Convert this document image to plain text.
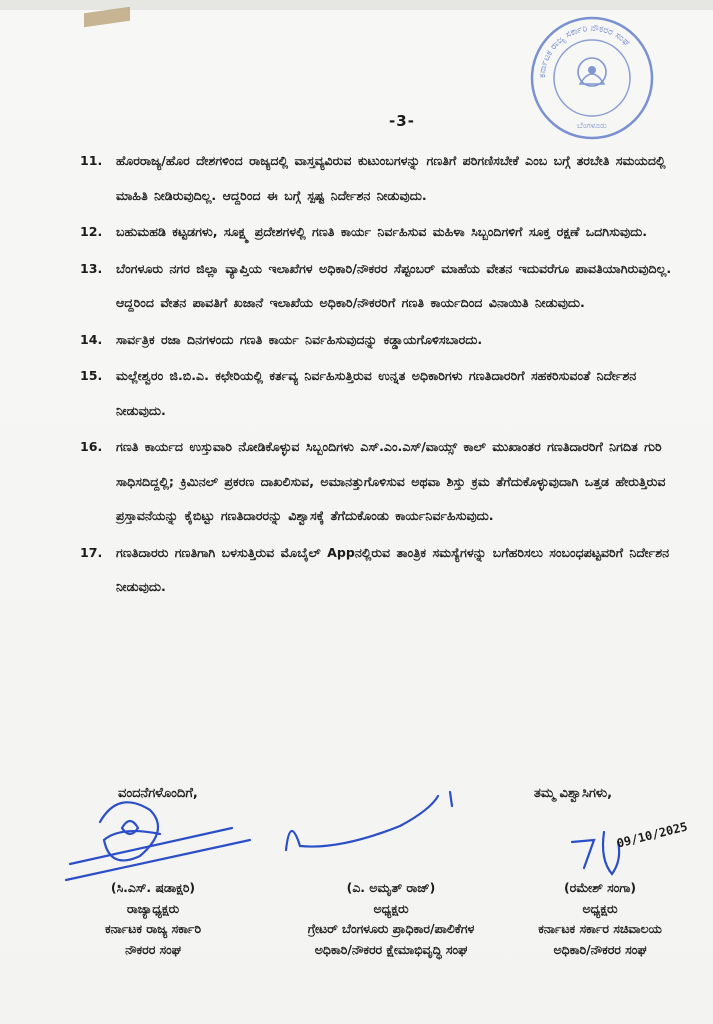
ಕರ್ನಾಟಕ ರಾಜ್ಯ ಸರ್ಕಾರಿ ನೌಕರರ ಸಂಘ
ಬೆಂಗಳೂರು
-3-
11. ಹೊರರಾಜ್ಯ/ಹೊರ ದೇಶಗಳಿಂದ ರಾಜ್ಯದಲ್ಲಿ ವಾಸ್ತವ್ಯವಿರುವ ಕುಟುಂಬಗಳನ್ನು ಗಣತಿಗೆ ಪರಿಗಣಿಸಬೇಕೆ ಎಂಬ ಬಗ್ಗೆ ತರಬೇತಿ ಸಮಯದಲ್ಲಿ ಮಾಹಿತಿ ನೀಡಿರುವುದಿಲ್ಲ. ಆದ್ದರಿಂದ ಈ ಬಗ್ಗೆ ಸ್ಪಷ್ಟ ನಿರ್ದೇಶನ ನೀಡುವುದು.
12. ಬಹುಮಹಡಿ ಕಟ್ಟಡಗಳು, ಸೂಕ್ಷ್ಮ ಪ್ರದೇಶಗಳಲ್ಲಿ ಗಣತಿ ಕಾರ್ಯ ನಿರ್ವಹಿಸುವ ಮಹಿಳಾ ಸಿಬ್ಬಂದಿಗಳಿಗೆ ಸೂಕ್ತ ರಕ್ಷಣೆ ಒದಗಿಸುವುದು.
13. ಬೆಂಗಳೂರು ನಗರ ಜಿಲ್ಲಾ ವ್ಯಾಪ್ತಿಯ ಇಲಾಖೆಗಳ ಅಧಿಕಾರಿ/ನೌಕರರ ಸೆಪ್ಟಂಬರ್ ಮಾಹೆಯ ವೇತನ ಇದುವರೆಗೂ ಪಾವತಿಯಾಗಿರುವುದಿಲ್ಲ. ಆದ್ದರಿಂದ ವೇತನ ಪಾವತಿಗೆ ಖಜಾನೆ ಇಲಾಖೆಯ ಅಧಿಕಾರಿ/ನೌಕರರಿಗೆ ಗಣತಿ ಕಾರ್ಯದಿಂದ ವಿನಾಯಿತಿ ನೀಡುವುದು.
14. ಸಾರ್ವತ್ರಿಕ ರಜಾ ದಿನಗಳಂದು ಗಣತಿ ಕಾರ್ಯ ನಿರ್ವಹಿಸುವುದನ್ನು ಕಡ್ಡಾಯಗೊಳಿಸಬಾರದು.
15. ಮಲ್ಲೇಶ್ವರಂ ಜಿ.ಬಿ.ಎ. ಕಛೇರಿಯಲ್ಲಿ ಕರ್ತವ್ಯ ನಿರ್ವಹಿಸುತ್ತಿರುವ ಉನ್ನತ ಅಧಿಕಾರಿಗಳು ಗಣತಿದಾರರಿಗೆ ಸಹಕರಿಸುವಂತೆ ನಿರ್ದೇಶನ ನೀಡುವುದು.
16. ಗಣತಿ ಕಾರ್ಯದ ಉಸ್ತುವಾರಿ ನೋಡಿಕೊಳ್ಳುವ ಸಿಬ್ಬಂದಿಗಳು ಎಸ್.ಎಂ.ಎಸ್/ವಾಯ್ಸ್ ಕಾಲ್ ಮುಖಾಂತರ ಗಣತಿದಾರರಿಗೆ ನಿಗದಿತ ಗುರಿ ಸಾಧಿಸದಿದ್ದಲ್ಲಿ; ಕ್ರಿಮಿನಲ್ ಪ್ರಕರಣ ದಾಖಲಿಸುವ, ಅಮಾನತ್ತುಗೊಳಿಸುವ ಅಥವಾ ಶಿಸ್ತು ಕ್ರಮ ತೆಗೆದುಕೊಳ್ಳುವುದಾಗಿ ಒತ್ತಡ ಹೇರುತ್ತಿರುವ ಪ್ರಸ್ತಾವನೆಯನ್ನು ಕೈಬಿಟ್ಟು ಗಣತಿದಾರರನ್ನು ವಿಶ್ವಾಸಕ್ಕೆ ತೆಗೆದುಕೊಂಡು ಕಾರ್ಯನಿರ್ವಹಿಸುವುದು.
17. ಗಣತಿದಾರರು ಗಣತಿಗಾಗಿ ಬಳಸುತ್ತಿರುವ ಮೊಬೈಲ್ Appನಲ್ಲಿರುವ ತಾಂತ್ರಿಕ ಸಮಸ್ಯೆಗಳನ್ನು ಬಗೆಹರಿಸಲು ಸಂಬಂಧಪಟ್ಟವರಿಗೆ ನಿರ್ದೇಶನ ನೀಡುವುದು.
ವಂದನೆಗಳೊಂದಿಗೆ,	ತಮ್ಮ ವಿಶ್ವಾಸಿಗಳು,
09/10/2025
(ಸಿ.ಎಸ್. ಷಡಾಕ್ಷರಿ)
ರಾಜ್ಯಾಧ್ಯಕ್ಷರು
ಕರ್ನಾಟಕ ರಾಜ್ಯ ಸರ್ಕಾರಿ
ನೌಕರರ ಸಂಘ
(ಎ. ಅಮೃತ್ ರಾಜ್)
ಅಧ್ಯಕ್ಷರು
ಗ್ರೇಟರ್ ಬೆಂಗಳೂರು ಪ್ರಾಧಿಕಾರ/ಪಾಲಿಕೆಗಳ
ಅಧಿಕಾರಿ/ನೌಕರರ ಕ್ಷೇಮಾಭಿವೃದ್ಧಿ ಸಂಘ
(ರಮೇಶ್ ಸಂಗಾ)
ಅಧ್ಯಕ್ಷರು
ಕರ್ನಾಟಕ ಸರ್ಕಾರ ಸಚಿವಾಲಯ
ಅಧಿಕಾರಿ/ನೌಕರರ ಸಂಘ
